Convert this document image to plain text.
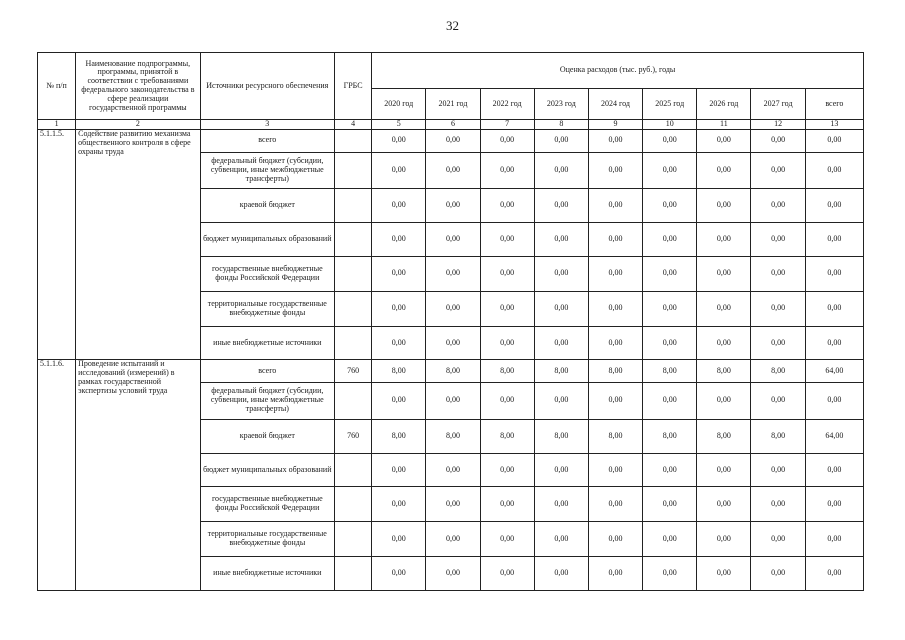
32
№ п/п	Наименование подпрограммы, программы, принятой в соответствии с требованиями федерального законодательства в сфере реализации государственной программы	Источники ресурсного обеспечения	ГРБС	Оценка расходов (тыс. руб.), годы								
				2020 год	2021 год	2022 год	2023 год	2024 год	2025 год	2026 год	2027 год	всего
1	2	3	4	5	6	7	8	9	10	11	12	13
5.1.1.5.	Содействие развитию механизма общественного контроля в сфере охраны труда	всего		0,00	0,00	0,00	0,00	0,00	0,00	0,00	0,00	0,00
		федеральный бюджет (субсидии, субвенции, иные межбюджетные трансферты)		0,00	0,00	0,00	0,00	0,00	0,00	0,00	0,00	0,00
		краевой бюджет		0,00	0,00	0,00	0,00	0,00	0,00	0,00	0,00	0,00
		бюджет муниципальных образований		0,00	0,00	0,00	0,00	0,00	0,00	0,00	0,00	0,00
		государственные внебюджетные фонды Российской Федерации		0,00	0,00	0,00	0,00	0,00	0,00	0,00	0,00	0,00
		территориальные государственные внебюджетные фонды		0,00	0,00	0,00	0,00	0,00	0,00	0,00	0,00	0,00
		иные внебюджетные источники		0,00	0,00	0,00	0,00	0,00	0,00	0,00	0,00	0,00
5.1.1.6.	Проведение испытаний и исследований (измерений) в рамках государственной экспертизы условий труда	всего	760	8,00	8,00	8,00	8,00	8,00	8,00	8,00	8,00	64,00
		федеральный бюджет (субсидии, субвенции, иные межбюджетные трансферты)		0,00	0,00	0,00	0,00	0,00	0,00	0,00	0,00	0,00
		краевой бюджет	760	8,00	8,00	8,00	8,00	8,00	8,00	8,00	8,00	64,00
		бюджет муниципальных образований		0,00	0,00	0,00	0,00	0,00	0,00	0,00	0,00	0,00
		государственные внебюджетные фонды Российской Федерации		0,00	0,00	0,00	0,00	0,00	0,00	0,00	0,00	0,00
		территориальные государственные внебюджетные фонды		0,00	0,00	0,00	0,00	0,00	0,00	0,00	0,00	0,00
		иные внебюджетные источники		0,00	0,00	0,00	0,00	0,00	0,00	0,00	0,00	0,00
